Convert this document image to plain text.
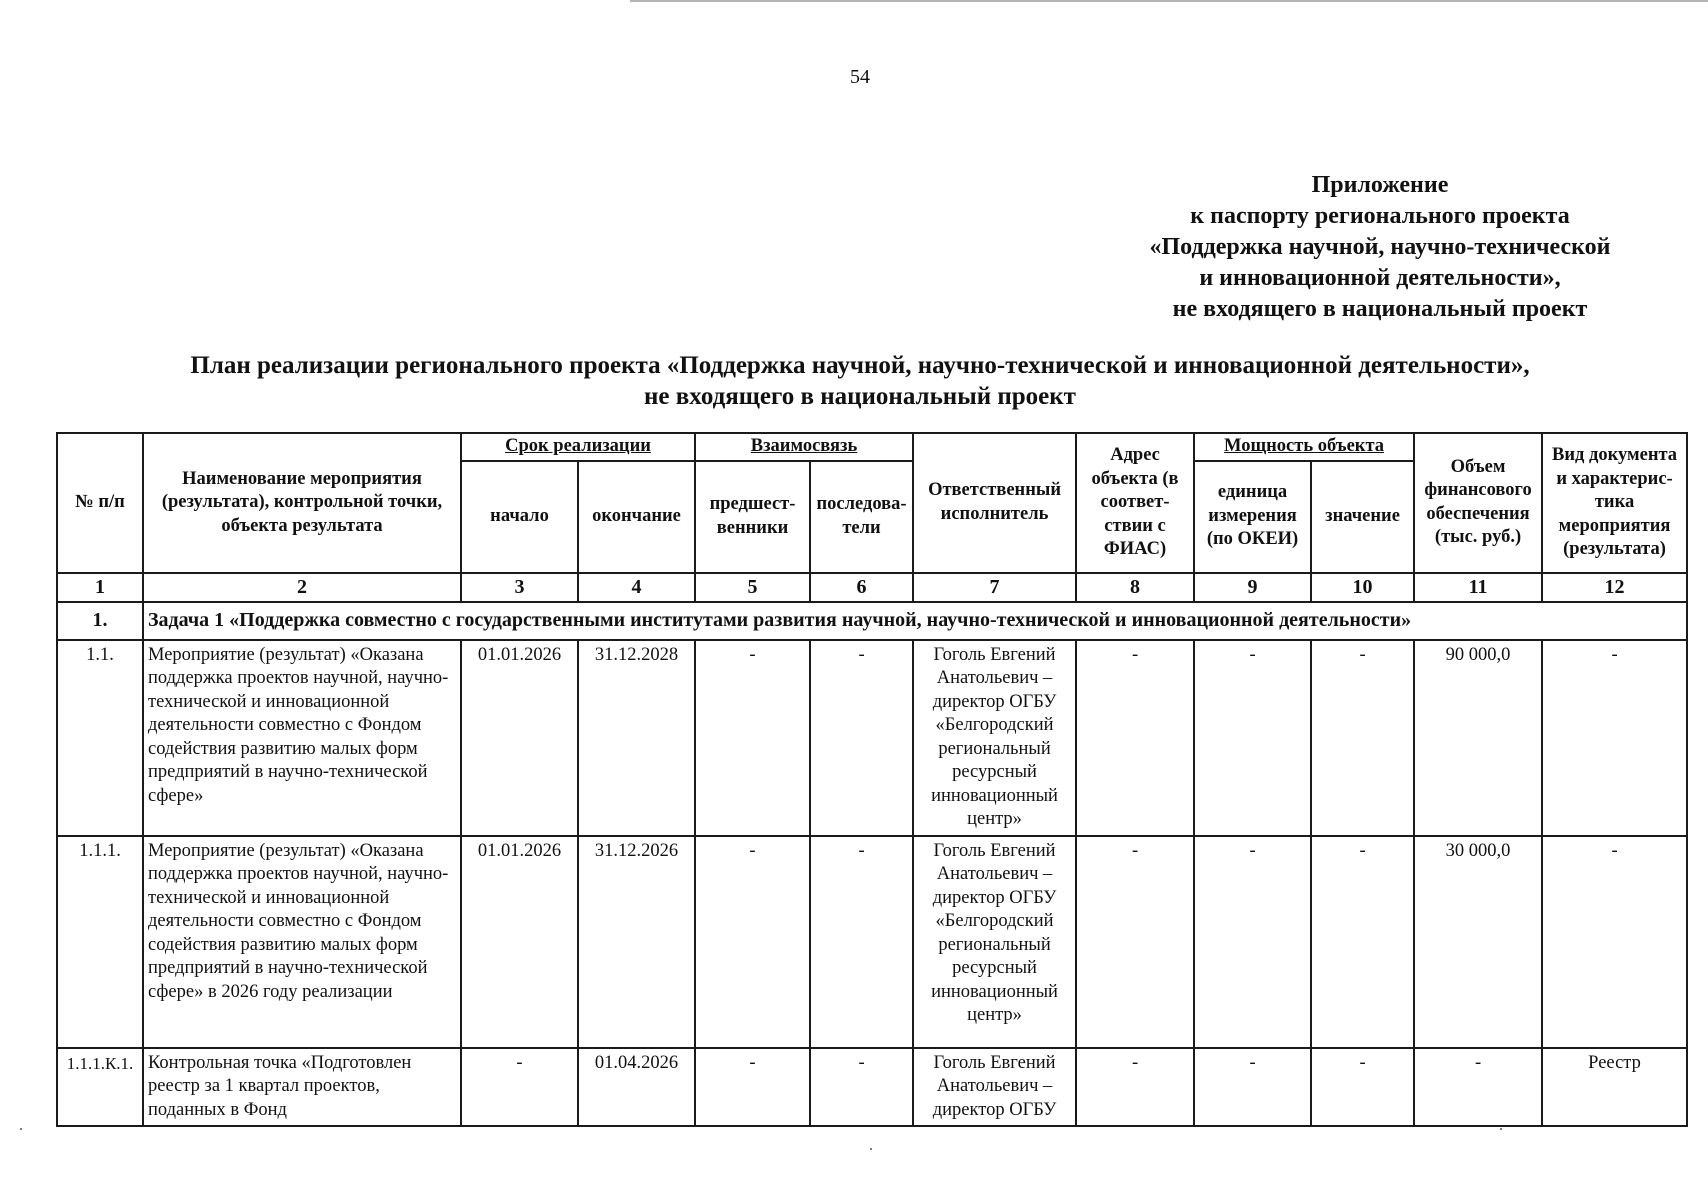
54
Приложение
к паспорту регионального проекта
«Поддержка научной, научно-технической
и инновационной деятельности»,
не входящего в национальный проект
План реализации регионального проекта «Поддержка научной, научно-технической и инновационной деятельности»,
не входящего в национальный проект
№ п/п	Наименование мероприятия (результата), контрольной точки, объекта результата	Срок реализации		Взаимосвязь		Ответственный исполнитель	Адрес объекта (в соответ- ствии с ФИАС)	Мощность объекта		Объем финансового обеспечения (тыс. руб.)	Вид документа и характерис- тика мероприятия (результата)
		начало	окончание	предшест- венники	последова- тели			единица измерения (по ОКЕИ)	значение		
1	2	3	4	5	6	7	8	9	10	11	12
1.	Задача 1 «Поддержка совместно с государственными институтами развития научной, научно-технической и инновационной деятельности»										
1.1.	Мероприятие (результат) «Оказана поддержка проектов научной, научно-технической и инновационной деятельности совместно с Фондом содействия развитию малых форм предприятий в научно-технической сфере»	01.01.2026	31.12.2028	-	-	Гоголь Евгений Анатольевич – директор ОГБУ «Белгородский региональный ресурсный инновационный центр»	-	-	-	90 000,0	-
1.1.1.	Мероприятие (результат) «Оказана поддержка проектов научной, научно-технической и инновационной деятельности совместно с Фондом содействия развитию малых форм предприятий в научно-технической сфере» в 2026 году реализации	01.01.2026	31.12.2026	-	-	Гоголь Евгений Анатольевич – директор ОГБУ «Белгородский региональный ресурсный инновационный центр»	-	-	-	30 000,0	-
1.1.1.К.1.	Контрольная точка «Подготовлен реестр за 1 квартал проектов, поданных в Фонд	-	01.04.2026	-	-	Гоголь Евгений Анатольевич – директор ОГБУ	-	-	-	-	Реестр
